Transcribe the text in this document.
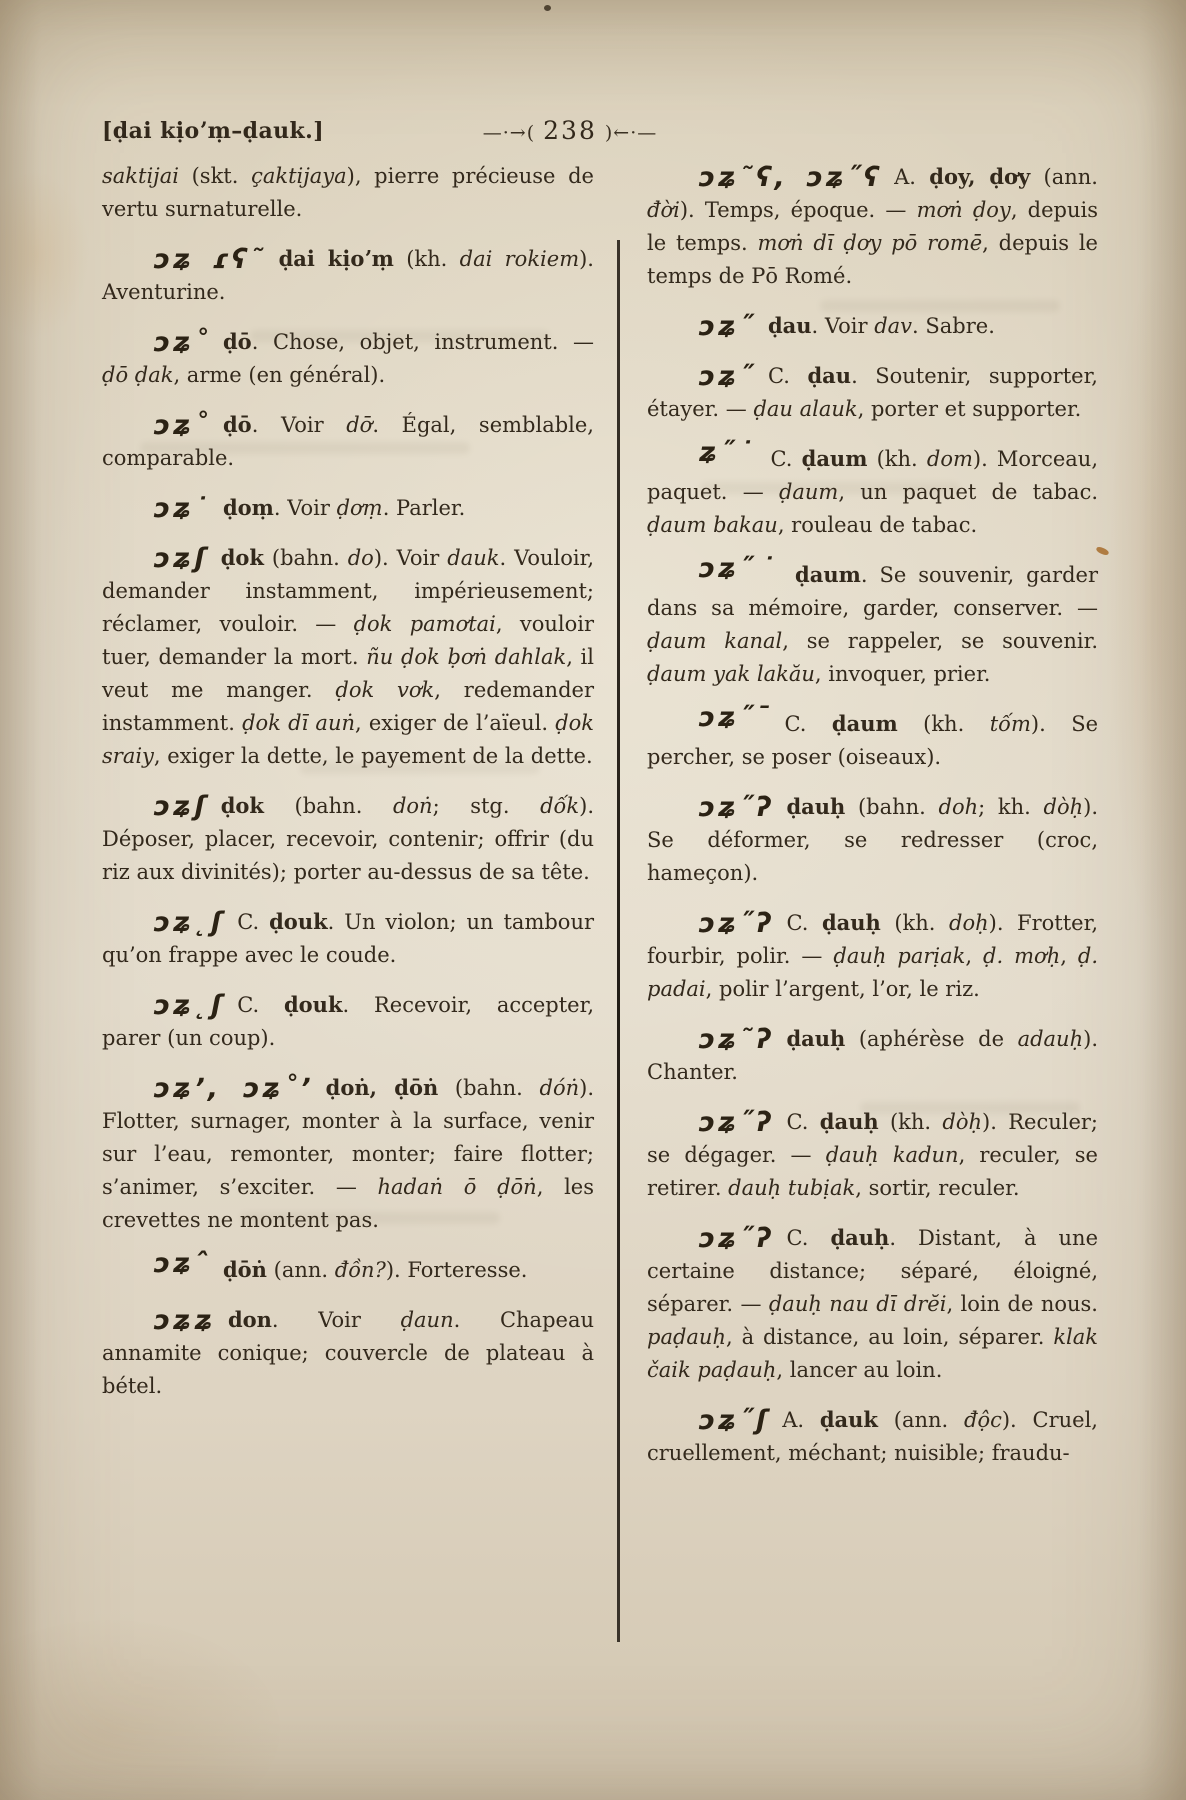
[ḍai kịoʼṃ–ḍauk.]	—·→( 238 )←·—

saktijai (skt. çaktijaya), pierre précieuse de vertu surnaturelle.

ɔʑ ɾʕ˜ ḍai kịoʼṃ (kh. dai rokiem). Aventurine.

ɔʑ˚ ḍō. Chose, objet, instrument. — ḍō ḍak, arme (en général).

ɔʑ˚ ḍō. Voir dơ̄. Égal, semblable, comparable.

ɔʑ˙ ḍoṃ. Voir ḍơṃ. Parler.

ɔʑʃ ḍok (bahn. do). Voir dauk. Vouloir, demander instamment, impérieusement; réclamer, vouloir. — ḍok pamơtai, vouloir tuer, demander la mort. ñu ḍok ḅơṅ dahlak, il veut me manger. ḍok vơk, redemander instamment. ḍok dī auṅ, exiger de l’aïeul. ḍok sraiy, exiger la dette, le payement de la dette.

ɔʑʃ ḍok (bahn. doṅ; stg. dốk). Déposer, placer, recevoir, contenir; offrir (du riz aux divinités); porter au-dessus de sa tête.

ɔʑ˛ʃ C. ḍouk. Un violon; un tambour qu’on frappe avec le coude.

ɔʑ˛ʃ C. ḍouk. Recevoir, accepter, parer (un coup).

ɔʑʼ, ɔʑ˚ʼ ḍoṅ, ḍōṅ (bahn. dóṅ). Flotter, surnager, monter à la surface, venir sur l’eau, remonter, monter; faire flotter; s’animer, s’exciter. — hadaṅ ō ḍōṅ, les crevettes ne montent pas.

ɔʑˆ ḍōṅ (ann. đồn?). Forteresse.

ɔʑʑ don. Voir ḍaun. Chapeau annamite conique; couvercle de plateau à bétel.

ɔʑ˜ʕ, ɔʑ˝ʕ A. ḍoy, ḍơy (ann. đời). Temps, époque. — mơṅ ḍoy, depuis le temps. mơṅ dī ḍơy pō romē, depuis le temps de Pō Romé.

ɔʑ˝ ḍau. Voir dav. Sabre.

ɔʑ˝ C. ḍau. Soutenir, supporter, étayer. — ḍau alauk, porter et supporter.

ʑ˝˙ C. ḍaum (kh. dom). Morceau, paquet. — ḍaum, un paquet de tabac. ḍaum bakau, rouleau de tabac.

ɔʑ˝˙ ḍaum. Se souvenir, garder dans sa mémoire, garder, conserver. — ḍaum kanal, se rappeler, se souvenir. ḍaum yak lakău, invoquer, prier.

ɔʑ˝ˉ C. ḍaum (kh. tốm). Se percher, se poser (oiseaux).

ɔʑ˝ʔ ḍauḥ (bahn. doh; kh. dòḥ). Se déformer, se redresser (croc, hameçon).

ɔʑ˝ʔ C. ḍauḥ (kh. doḥ). Frotter, fourbir, polir. — ḍauḥ parịak, ḍ. mơḥ, ḍ. padai, polir l’argent, l’or, le riz.

ɔʑ˜ʔ ḍauḥ (aphérèse de adauḥ). Chanter.

ɔʑ˝ʔ C. ḍauḥ (kh. dòḥ). Reculer; se dégager. — ḍauḥ kadun, reculer, se retirer. dauḥ tubịak, sortir, reculer.

ɔʑ˝ʔ C. ḍauḥ. Distant, à une certaine distance; séparé, éloigné, séparer. — ḍauḥ nau dī drĕi, loin de nous. paḍauḥ, à distance, au loin, séparer. klak čaik paḍauḥ, lancer au loin.

ɔʑ˝ʃ A. ḍauk (ann. độc). Cruel, cruellement, méchant; nuisible; fraudu-
